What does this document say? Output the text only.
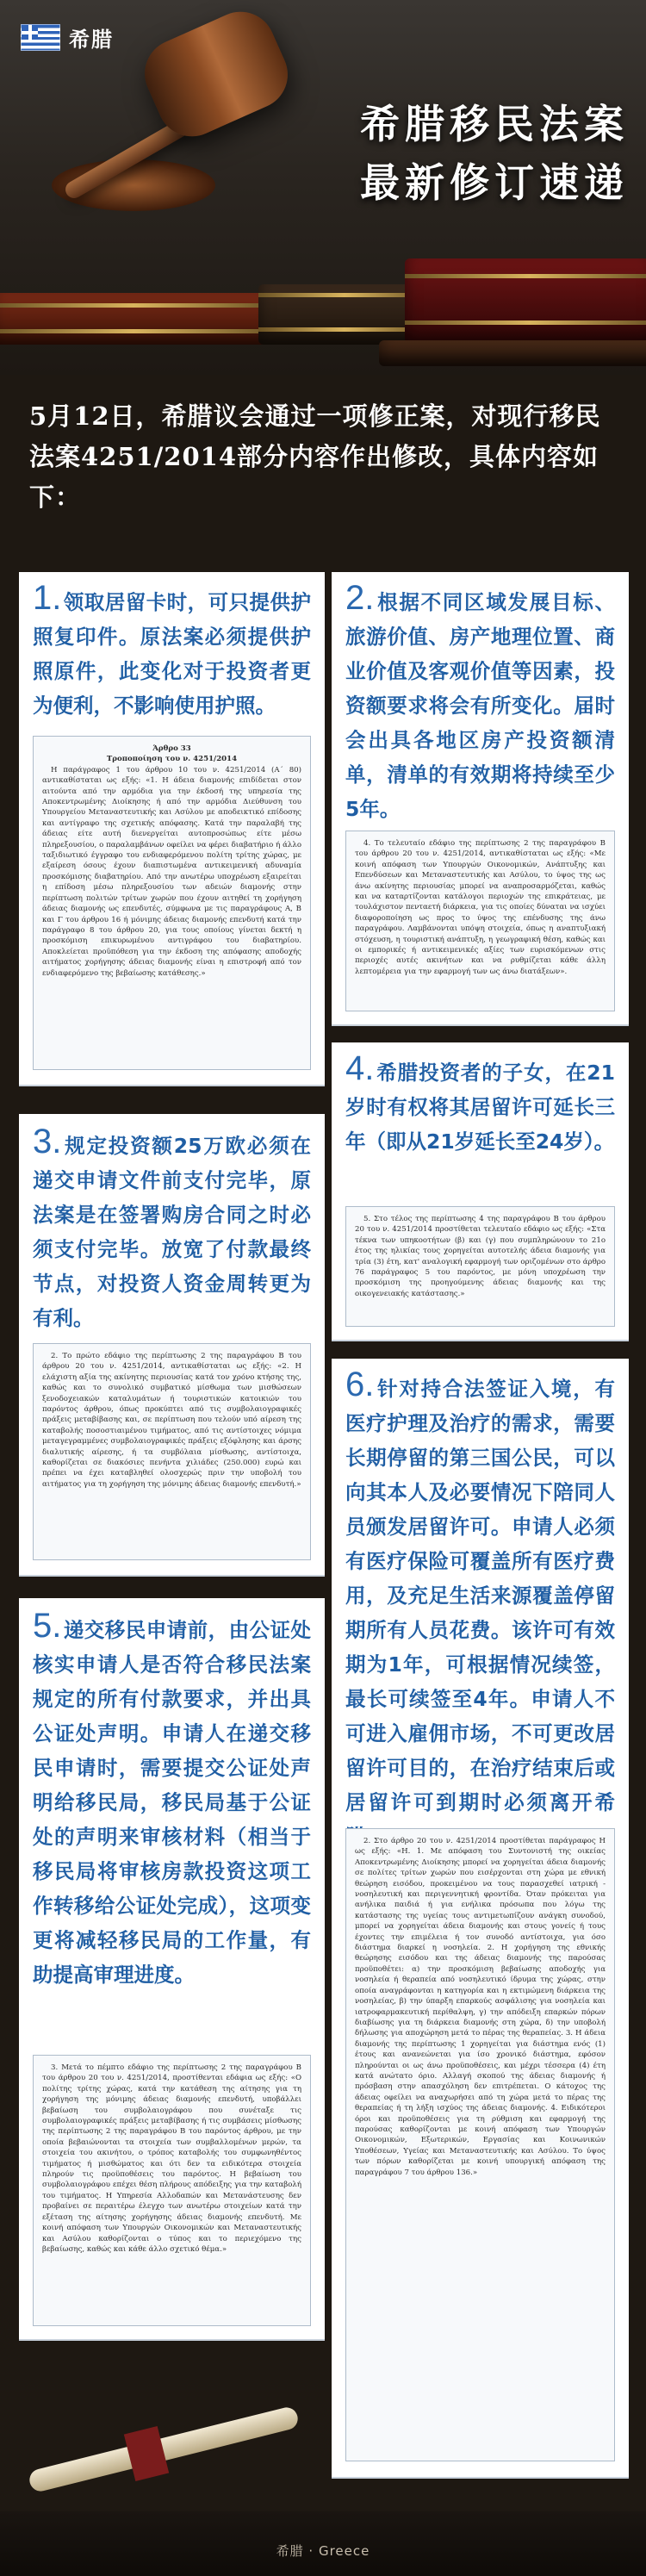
希腊
希腊移民法案
最新修订速递
5月12日，希腊议会通过一项修正案，对现行移民法案4251/2014部分内容作出修改，具体内容如下：
1.领取居留卡时，可只提供护照复印件。原法案必须提供护照原件，此变化对于投资者更为便利，不影响使用护照。
Άρθρο 33
Τροποποίηση του ν. 4251/2014

Η παράγραφος 1 του άρθρου 10 του ν. 4251/2014 (Α΄ 80) αντικαθίσταται ως εξής: «1. Η άδεια διαμονής επιδίδεται στον αιτούντα από την αρμόδια για την έκδοσή της υπηρεσία της Αποκεντρωμένης Διοίκησης ή από την αρμόδια Διεύθυνση του Υπουργείου Μεταναστευτικής και Ασύλου με αποδεικτικό επίδοσης και αντίγραφο της σχετικής απόφασης. Κατά την παραλαβή της άδειας είτε αυτή διενεργείται αυτοπροσώπως είτε μέσω πληρεξουσίου, ο παραλαμβάνων οφείλει να φέρει διαβατήριο ή άλλο ταξιδιωτικό έγγραφο του ενδιαφερόμενου πολίτη τρίτης χώρας, με εξαίρεση όσους έχουν διαπιστωμένα αντικειμενική αδυναμία προσκόμισης διαβατηρίου. Από την ανωτέρω υποχρέωση εξαιρείται η επίδοση μέσω πληρεξουσίου των αδειών διαμονής στην περίπτωση πολιτών τρίτων χωρών που έχουν αιτηθεί τη χορήγηση άδειας διαμονής ως επενδυτές, σύμφωνα με τις παραγράφους Α, Β και Γ του άρθρου 16 ή μόνιμης άδειας διαμονής επενδυτή κατά την παράγραφο 8 του άρθρου 20, για τους οποίους γίνεται δεκτή η προσκόμιση επικυρωμένου αντιγράφου του διαβατηρίου. Αποκλείεται προϋπόθεση για την έκδοση της απόφασης αποδοχής αιτήματος χορήγησης άδειας διαμονής είναι η επιστροφή από τον ενδιαφερόμενο της βεβαίωσης κατάθεσης.»

2.根据不同区域发展目标、旅游价值、房产地理位置、商业价值及客观价值等因素，投资额要求将会有所变化。届时会出具各地区房产投资额清单，清单的有效期将持续至少5年。

4. Το τελευταίο εδάφιο της περίπτωσης 2 της παραγράφου Β του άρθρου 20 του ν. 4251/2014, αντικαθίσταται ως εξής: «Με κοινή απόφαση των Υπουργών Οικονομικών, Ανάπτυξης και Επενδύσεων και Μεταναστευτικής και Ασύλου, το ύψος της ως άνω ακίνητης περιουσίας μπορεί να αναπροσαρμόζεται, καθώς και να καταρτίζονται κατάλογοι περιοχών της επικράτειας, με τουλάχιστον πενταετή διάρκεια, για τις οποίες δύναται να ισχύει διαφοροποίηση ως προς το ύψος της επένδυσης της άνω παραγράφου. Λαμβάνονται υπόψη στοιχεία, όπως η αναπτυξιακή στόχευση, η τουριστική ανάπτυξη, η γεωγραφική θέση, καθώς και οι εμπορικές ή αντικειμενικές αξίες των ευρισκόμενων στις περιοχές αυτές ακινήτων και να ρυθμίζεται κάθε άλλη λεπτομέρεια για την εφαρμογή των ως άνω διατάξεων».

3.规定投资额25万欧必须在递交申请文件前支付完毕，原法案是在签署购房合同之时必须支付完毕。放宽了付款最终节点，对投资人资金周转更为有利。

2. Το πρώτο εδάφιο της περίπτωσης 2 της παραγράφου Β του άρθρου 20 του ν. 4251/2014, αντικαθίσταται ως εξής: «2. Η ελάχιστη αξία της ακίνητης περιουσίας κατά τον χρόνο κτήσης της, καθώς και το συνολικό συμβατικό μίσθωμα των μισθώσεων ξενοδοχειακών καταλυμάτων ή τουριστικών κατοικιών του παρόντος άρθρου, όπως προκύπτει από τις συμβολαιογραφικές πράξεις μεταβίβασης και, σε περίπτωση που τελούν υπό αίρεση της καταβολής ποσοστιαιμένου τιμήματος, από τις αντίστοιχες νόμιμα μεταγεγραμμένες συμβολαιογραφικές πράξεις εξόφλησης και άρσης διαλυτικής αίρεσης, ή τα συμβόλαια μίσθωσης, αντίστοιχα, καθορίζεται σε διακόσιες πενήντα χιλιάδες (250.000) ευρώ και πρέπει να έχει καταβληθεί ολοσχερώς πριν την υποβολή του αιτήματος για τη χορήγηση της μόνιμης άδειας διαμονής επενδυτή.»

4.希腊投资者的子女，在21岁时有权将其居留许可延长三年（即从21岁延长至24岁）。

5. Στο τέλος της περίπτωσης 4 της παραγράφου Β του άρθρου 20 του ν. 4251/2014 προστίθεται τελευταίο εδάφιο ως εξής: «Στα τέκνα των υπηκοοτήτων (β) και (γ) που συμπληρώνουν το 21ο έτος της ηλικίας τους χορηγείται αυτοτελής άδεια διαμονής για τρία (3) έτη, κατ' αναλογική εφαρμογή των οριζομένων στο άρθρο 76 παράγραφος 5 του παρόντος, με μόνη υποχρέωση την προσκόμιση της προηγούμενης άδειας διαμονής και της οικογενειακής κατάστασης.»

5.递交移民申请前，由公证处核实申请人是否符合移民法案规定的所有付款要求，并出具公证处声明。申请人在递交移民申请时，需要提交公证处声明给移民局，移民局基于公证处的声明来审核材料（相当于移民局将审核房款投资这项工作转移给公证处完成），这项变更将减轻移民局的工作量，有助提高审理进度。

3. Μετά το πέμπτο εδάφιο της περίπτωσης 2 της παραγράφου Β του άρθρου 20 του ν. 4251/2014, προστίθενται εδάφια ως εξής: «Ο πολίτης τρίτης χώρας, κατά την κατάθεση της αίτησης για τη χορήγηση της μόνιμης άδειας διαμονής επενδυτή, υποβάλλει βεβαίωση του συμβολαιογράφου που συνέταξε τις συμβολαιογραφικές πράξεις μεταβίβασης ή τις συμβάσεις μίσθωσης της περίπτωσης 2 της παραγράφου Β του παρόντος άρθρου, με την οποία βεβαιώνονται τα στοιχεία των συμβαλλομένων μερών, τα στοιχεία του ακινήτου, ο τρόπος καταβολής του συμφωνηθέντος τιμήματος ή μισθώματος και ότι δεν τα ειδικότερα στοιχεία πληρούν τις προϋποθέσεις του παρόντος. Η βεβαίωση του συμβολαιογράφου επέχει θέση πλήρους απόδειξης για την καταβολή του τιμήματος. Η Υπηρεσία Αλλοδαπών και Μετανάστευσης δεν προβαίνει σε περαιτέρω έλεγχο των ανωτέρω στοιχείων κατά την εξέταση της αίτησης χορήγησης άδειας διαμονής επενδυτή. Με κοινή απόφαση των Υπουργών Οικονομικών και Μεταναστευτικής και Ασύλου καθορίζονται ο τύπος και το περιεχόμενο της βεβαίωσης, καθώς και κάθε άλλο σχετικό θέμα.»

6.针对持合法签证入境，有医疗护理及治疗的需求，需要长期停留的第三国公民，可以向其本人及必要情况下陪同人员颁发居留许可。申请人必须有医疗保险可覆盖所有医疗费用，及充足生活来源覆盖停留期所有人员花费。该许可有效期为1年，可根据情况续签，最长可续签至4年。申请人不可进入雇佣市场，不可更改居留许可目的，在治疗结束后或居留许可到期时必须离开希

2. Στο άρθρο 20 του ν. 4251/2014 προστίθεται παράγραφος Η ως εξής: «Η. 1. Με απόφαση του Συντονιστή της οικείας Αποκεντρωμένης Διοίκησης μπορεί να χορηγείται άδεια διαμονής σε πολίτες τρίτων χωρών που εισέρχονται στη χώρα με εθνική θεώρηση εισόδου, προκειμένου να τους παρασχεθεί ιατρική - νοσηλευτική και περιγεννητική φροντίδα. Όταν πρόκειται για ανήλικα παιδιά ή για ενήλικα πρόσωπα που λόγω της κατάστασης της υγείας τους αντιμετωπίζουν ανάγκη συνοδού, μπορεί να χορηγείται άδεια διαμονής και στους γονείς ή τους έχοντες την επιμέλεια ή τον συνοδό αντίστοιχα, για όσο διάστημα διαρκεί η νοσηλεία. 2. Η χορήγηση της εθνικής θεώρησης εισόδου και της άδειας διαμονής της παρούσας προϋποθέτει: α) την προσκόμιση βεβαίωσης αποδοχής για νοσηλεία ή θεραπεία από νοσηλευτικό ίδρυμα της χώρας, στην οποία αναγράφονται η κατηγορία και η εκτιμώμενη διάρκεια της νοσηλείας, β) την ύπαρξη επαρκούς ασφάλισης για νοσηλεία και ιατροφαρμακευτική περίθαλψη, γ) την απόδειξη επαρκών πόρων διαβίωσης για τη διάρκεια διαμονής στη χώρα, δ) την υποβολή δήλωσης για αποχώρηση μετά το πέρας της θεραπείας. 3. Η άδεια διαμονής της περίπτωσης 1 χορηγείται για διάστημα ενός (1) έτους και ανανεώνεται για ίσο χρονικό διάστημα, εφόσον πληρούνται οι ως άνω προϋποθέσεις, και μέχρι τέσσερα (4) έτη κατά ανώτατο όριο. Αλλαγή σκοπού της άδειας διαμονής ή πρόσβαση στην απασχόληση δεν επιτρέπεται. Ο κάτοχος της άδειας οφείλει να αναχωρήσει από τη χώρα μετά το πέρας της θεραπείας ή τη λήξη ισχύος της άδειας διαμονής. 4. Ειδικότεροι όροι και προϋποθέσεις για τη ρύθμιση και εφαρμογή της παρούσας καθορίζονται με κοινή απόφαση των Υπουργών Οικονομικών, Εξωτερικών, Εργασίας και Κοινωνικών Υποθέσεων, Υγείας και Μεταναστευτικής και Ασύλου. Το ύψος των πόρων καθορίζεται με κοινή υπουργική απόφαση της παραγράφου 7 του άρθρου 136.»

希腊 · Greece
